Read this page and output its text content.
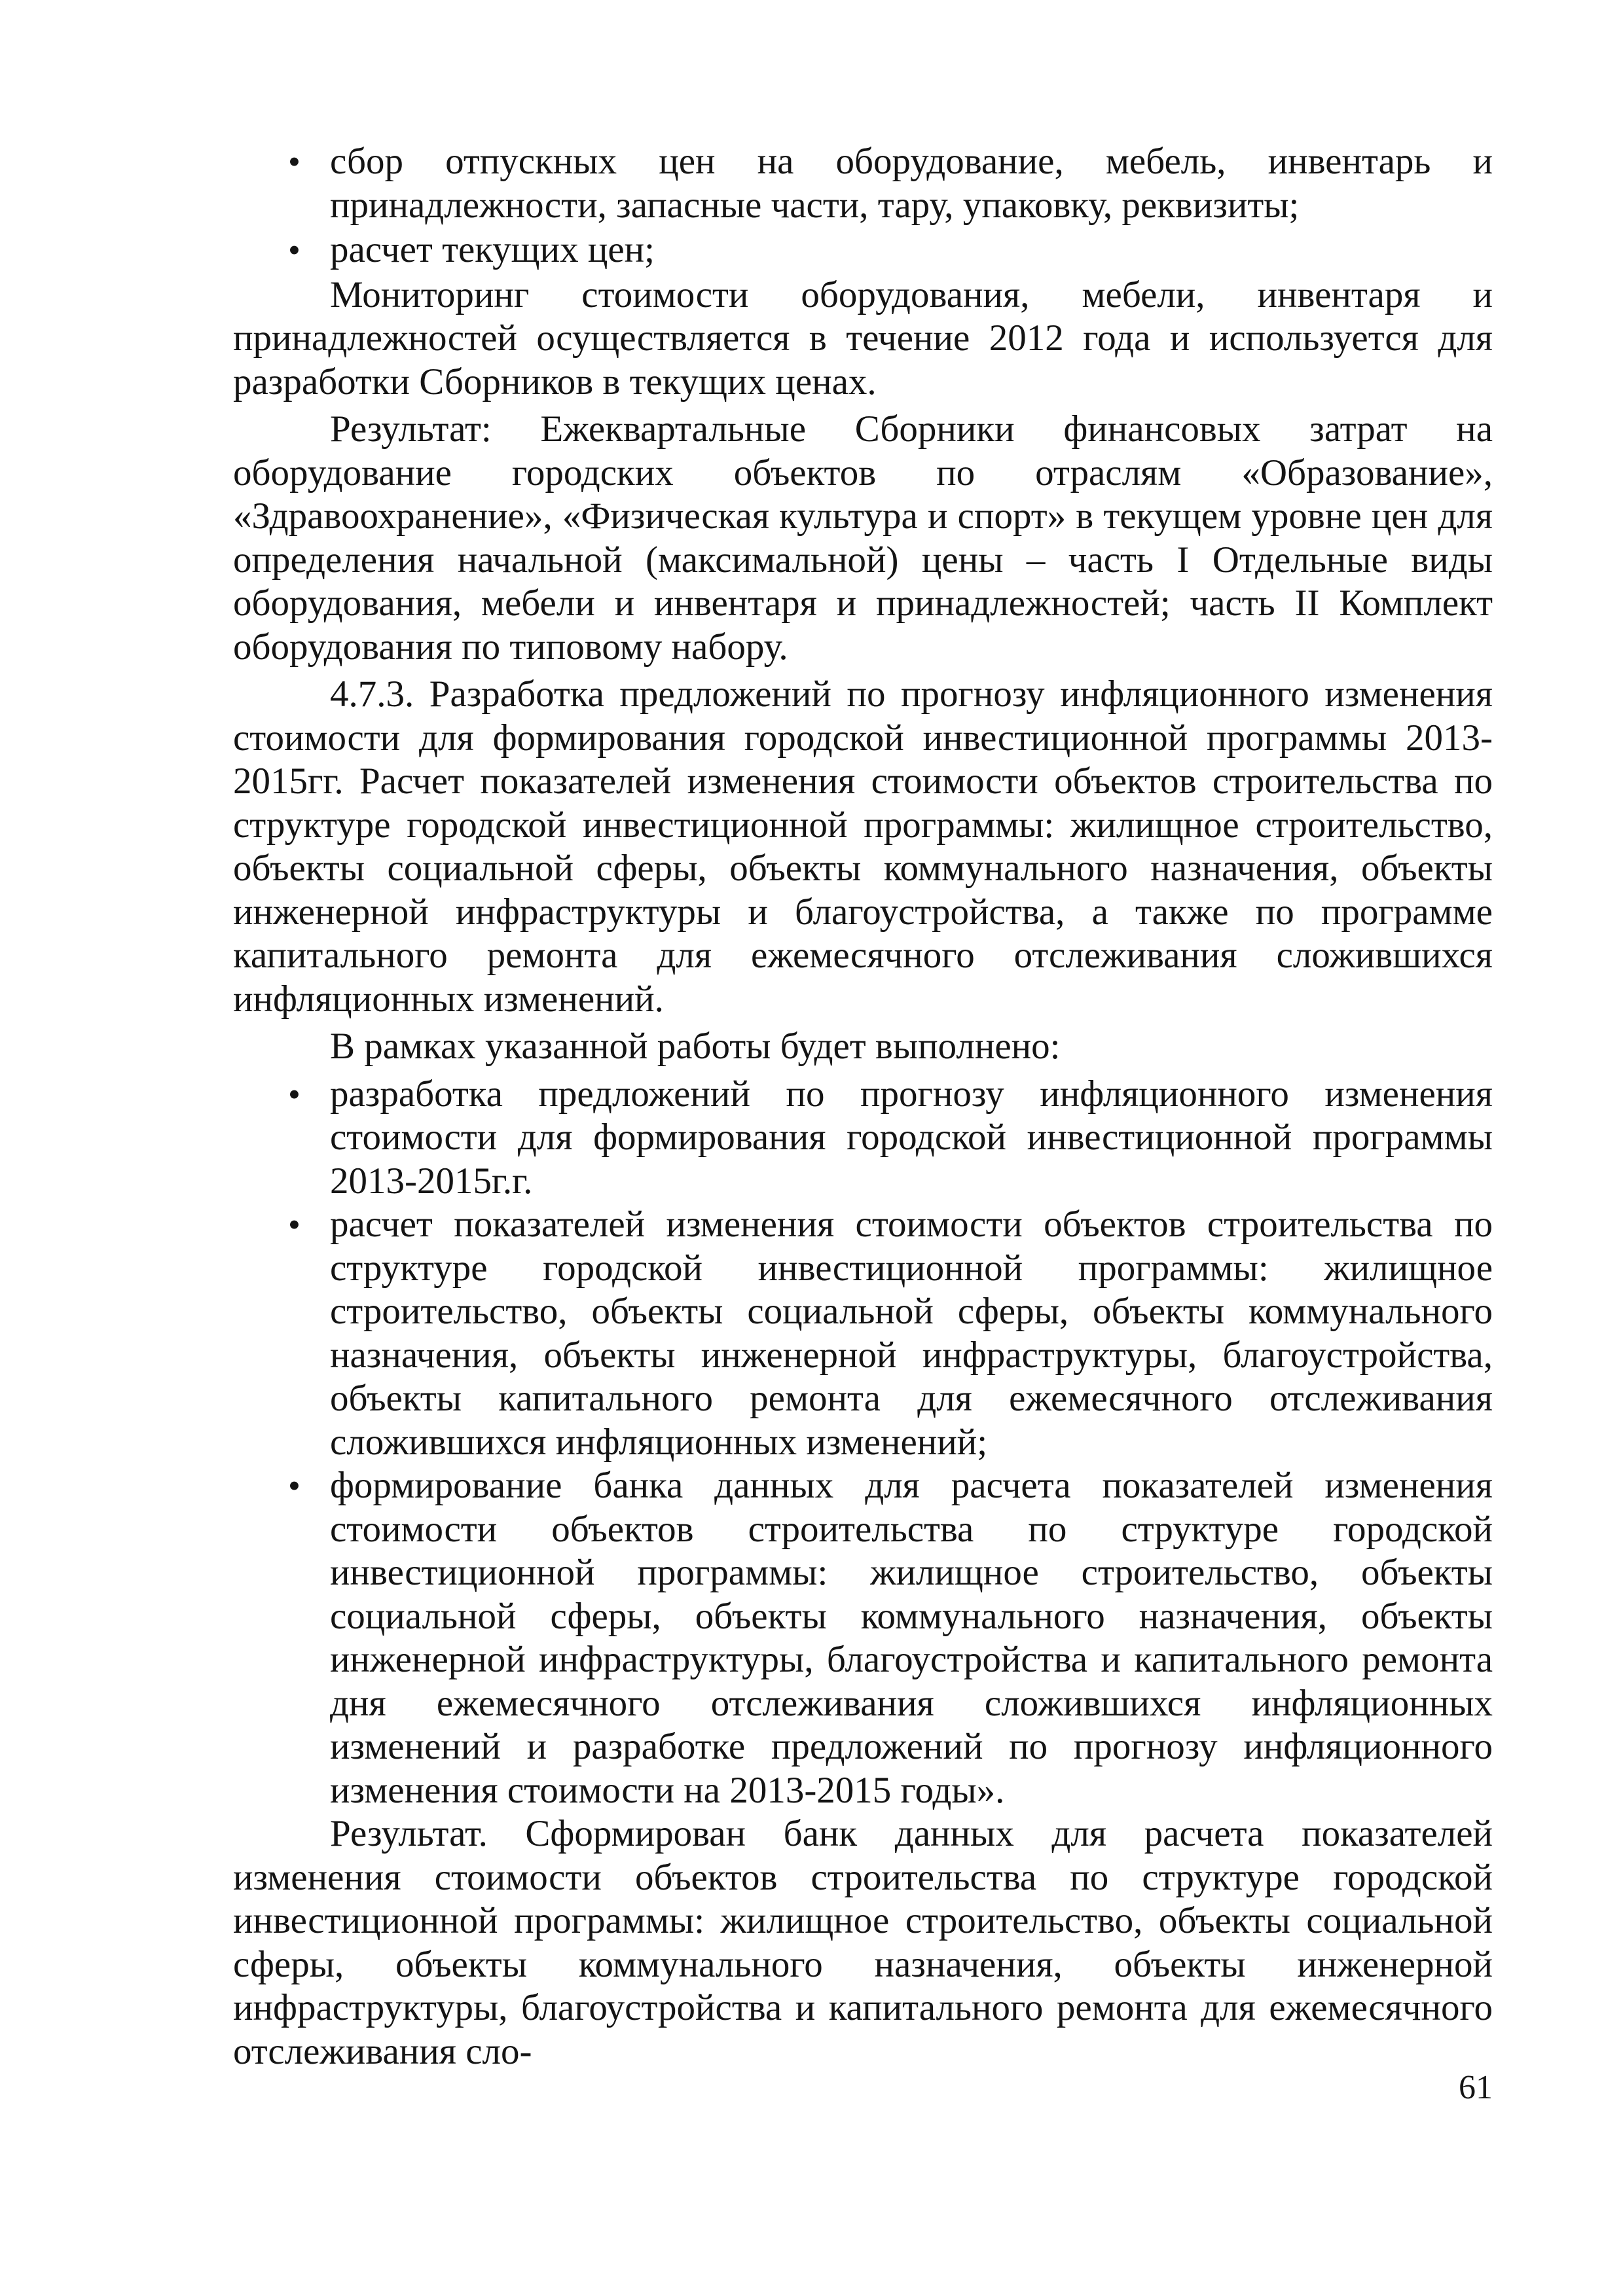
• сбор отпускных цен на оборудование, мебель, инвентарь и принадлежности, запасные части, тару, упаковку, реквизиты;
• расчет текущих цен;

Мониторинг стоимости оборудования, мебели, инвентаря и принадлежностей осуществляется в течение 2012 года и используется для разработки Сборников в текущих ценах.

Результат: Ежеквартальные Сборники финансовых затрат на оборудование городских объектов по отраслям «Образование», «Здравоохранение», «Физическая культура и спорт» в текущем уровне цен для определения начальной (максимальной) цены – часть I Отдельные виды оборудования, мебели и инвентаря и принадлежностей; часть II Комплект оборудования по типовому набору.

4.7.3. Разработка предложений по прогнозу инфляционного изменения стоимости для формирования городской инвестиционной программы 2013-2015гг. Расчет показателей изменения стоимости объектов строительства по структуре городской инвестиционной программы: жилищное строительство, объекты социальной сферы, объекты коммунального назначения, объекты инженерной инфраструктуры и благоустройства, а также по программе капитального ремонта для ежемесячного отслеживания сложившихся инфляционных изменений.

В рамках указанной работы будет выполнено:

• разработка предложений по прогнозу инфляционного изменения стоимости для формирования городской инвестиционной программы 2013-2015г.г.
• расчет показателей изменения стоимости объектов строительства по структуре городской инвестиционной программы: жилищное строительство, объекты социальной сферы, объекты коммунального назначения, объекты инженерной инфраструктуры, благоустройства, объекты капитального ремонта для ежемесячного отслеживания сложившихся инфляционных изменений;
• формирование банка данных для расчета показателей изменения стоимости объектов строительства по структуре городской инвестиционной программы: жилищное строительство, объекты социальной сферы, объекты коммунального назначения, объекты инженерной инфраструктуры, благоустройства и капитального ремонта дня ежемесячного отслеживания сложившихся инфляционных изменений и разработке предложений по прогнозу инфляционного изменения стоимости на 2013-2015 годы».

Результат. Сформирован банк данных для расчета показателей изменения стоимости объектов строительства по структуре городской инвестиционной программы: жилищное строительство, объекты социальной сферы, объекты коммунального назначения, объекты инженерной инфраструктуры, благоустройства и капитального ремонта для ежемесячного отслеживания сло-

61
